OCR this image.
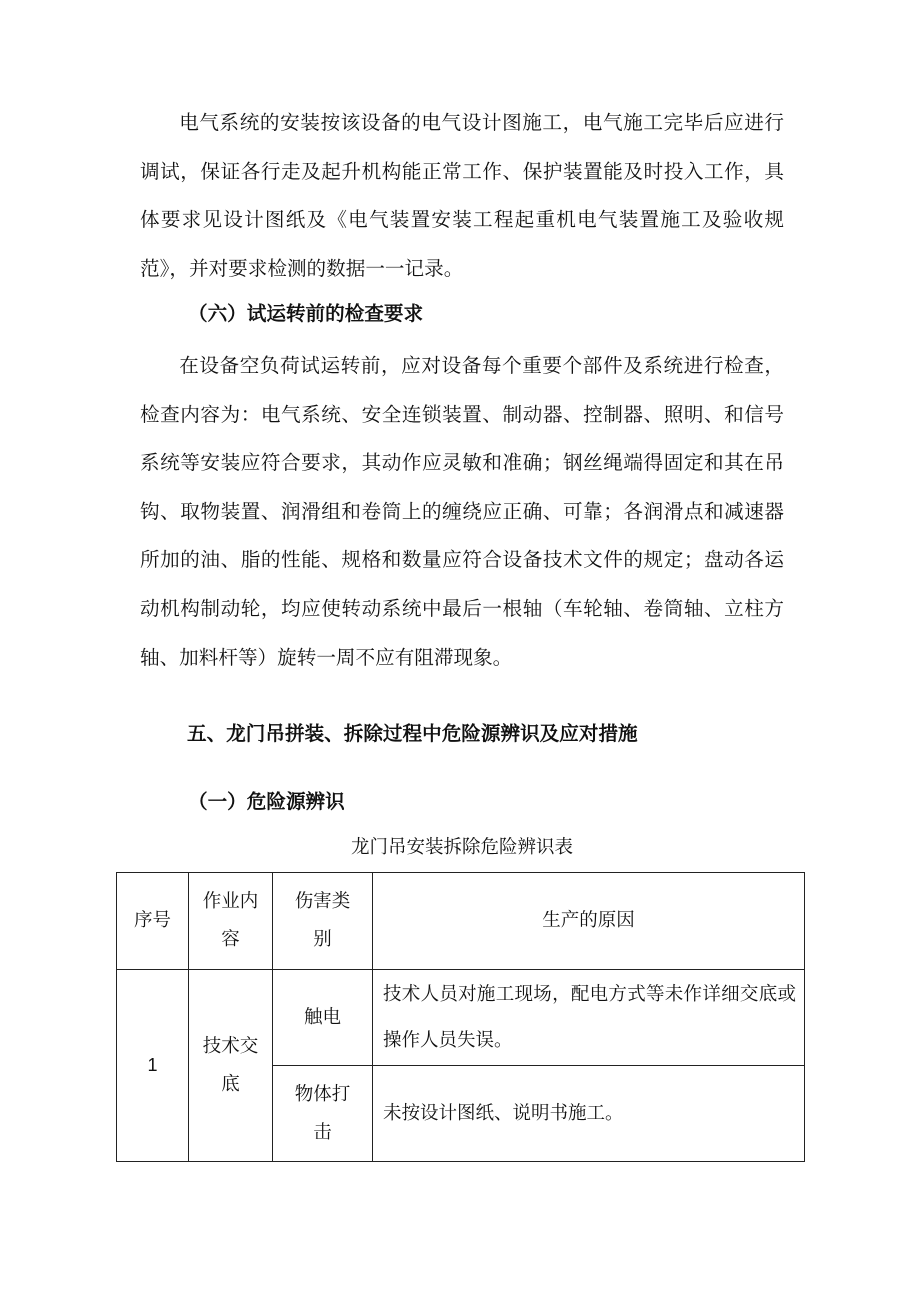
电气系统的安装按该设备的电气设计图施工，电气施工完毕后应进行调试，保证各行走及起升机构能正常工作、保护装置能及时投入工作，具体要求见设计图纸及《电气装置安装工程起重机电气装置施工及验收规范》，并对要求检测的数据一一记录。

（六）试运转前的检查要求

在设备空负荷试运转前，应对设备每个重要个部件及系统进行检查，检查内容为：电气系统、安全连锁装置、制动器、控制器、照明、和信号系统等安装应符合要求，其动作应灵敏和准确；钢丝绳端得固定和其在吊钩、取物装置、润滑组和卷筒上的缠绕应正确、可靠；各润滑点和减速器所加的油、脂的性能、规格和数量应符合设备技术文件的规定；盘动各运动机构制动轮，均应使转动系统中最后一根轴（车轮轴、卷筒轴、立柱方轴、加料杆等）旋转一周不应有阻滞现象。

五、龙门吊拼装、拆除过程中危险源辨识及应对措施
（一）危险源辨识
龙门吊安装拆除危险辨识表
序号	作业内容	伤害类别	生产的原因
1	技术交底	触电	技术人员对施工现场，配电方式等未作详细交底或操作人员失误。

		物体打击	未按设计图纸、说明书施工。
